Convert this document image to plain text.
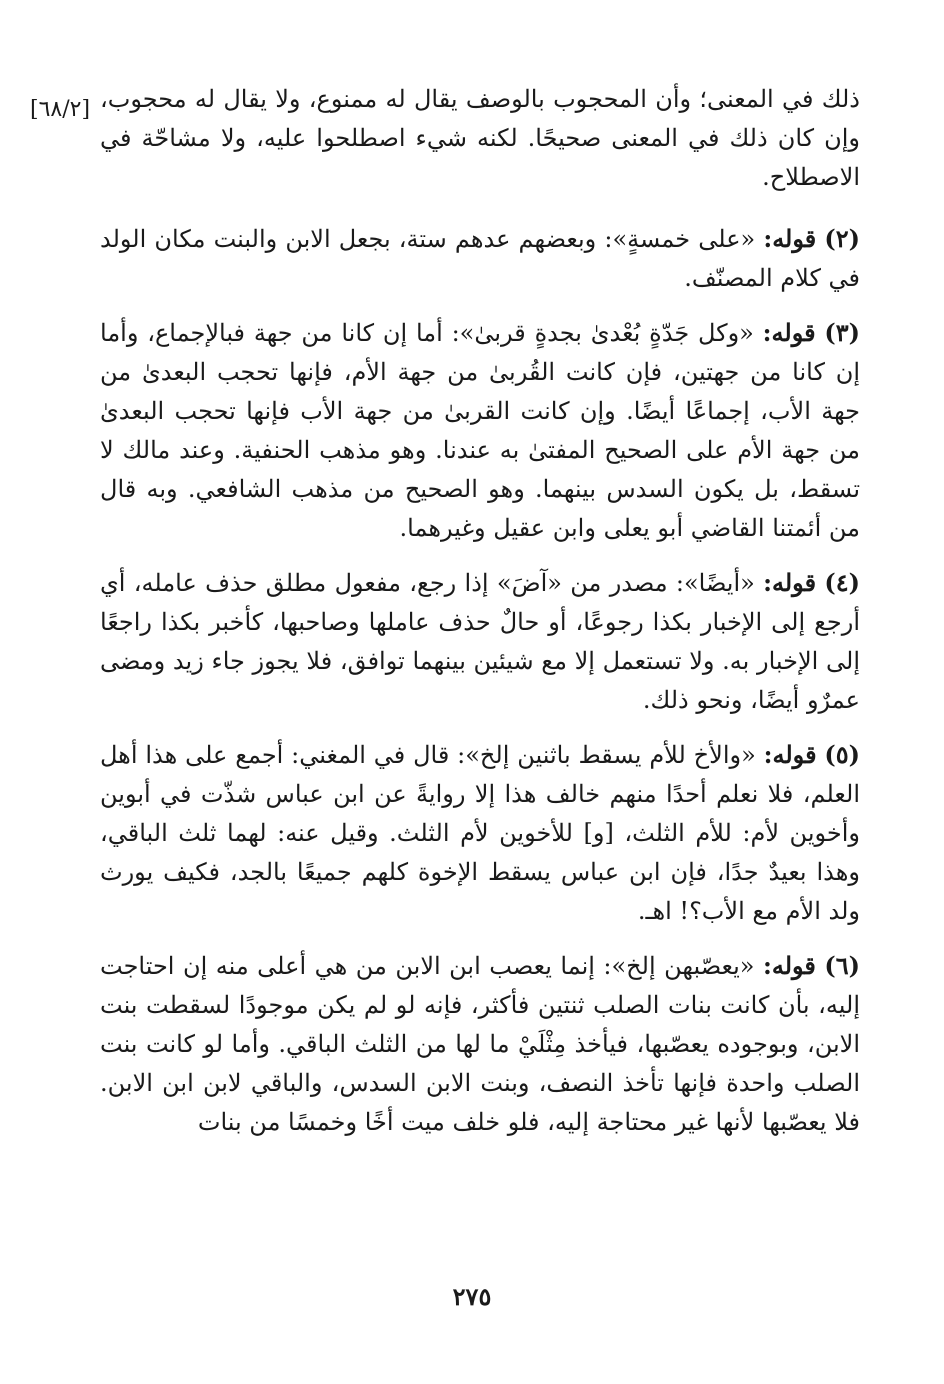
[٦٨/٢] ذلك في المعنى؛ وأن المحجوب بالوصف يقال له ممنوع، ولا يقال له محجوب، وإن كان ذلك في المعنى صحيحًا. لكنه شيء اصطلحوا عليه، ولا مشاحّة في الاصطلاح.

(٢) قوله: «على خمسةٍ»: وبعضهم عدهم ستة، بجعل الابن والبنت مكان الولد في كلام المصنّف.

(٣) قوله: «وكل جَدّةٍ بُعْدىٰ بجدةٍ قربىٰ»: أما إن كانا من جهة فبالإجماع، وأما إن كانا من جهتين، فإن كانت القُربىٰ من جهة الأم، فإنها تحجب البعدىٰ من جهة الأب، إجماعًا أيضًا. وإن كانت القربىٰ من جهة الأب فإنها تحجب البعدىٰ من جهة الأم على الصحيح المفتىٰ به عندنا. وهو مذهب الحنفية. وعند مالك لا تسقط، بل يكون السدس بينهما. وهو الصحيح من مذهب الشافعي. وبه قال من أئمتنا القاضي أبو يعلى وابن عقيل وغيرهما.

(٤) قوله: «أيضًا»: مصدر من «آضَ» إذا رجع، مفعول مطلق حذف عامله، أي أرجع إلى الإخبار بكذا رجوعًا، أو حالٌ حذف عاملها وصاحبها، كأخبر بكذا راجعًا إلى الإخبار به. ولا تستعمل إلا مع شيئين بينهما توافق، فلا يجوز جاء زيد ومضى عمرٌو أيضًا، ونحو ذلك.

(٥) قوله: «والأخ للأم يسقط باثنين إلخ»: قال في المغني: أجمع على هذا أهل العلم، فلا نعلم أحدًا منهم خالف هذا إلا روايةً عن ابن عباس شذّت في أبوين وأخوين لأم: للأم الثلث، [و] للأخوين لأم الثلث. وقيل عنه: لهما ثلث الباقي، وهذا بعيدٌ جدًا، فإن ابن عباس يسقط الإخوة كلهم جميعًا بالجد، فكيف يورث ولد الأم مع الأب؟! اهـ.

(٦) قوله: «يعصّبهن إلخ»: إنما يعصب ابن الابن من هي أعلى منه إن احتاجت إليه، بأن كانت بنات الصلب ثنتين فأكثر، فإنه لو لم يكن موجودًا لسقطت بنت الابن، وبوجوده يعصّبها، فيأخذ مِثْلَيْ ما لها من الثلث الباقي. وأما لو كانت بنت الصلب واحدة فإنها تأخذ النصف، وبنت الابن السدس، والباقي لابن ابن الابن. فلا يعصّبها لأنها غير محتاجة إليه، فلو خلف ميت أخًا وخمسًا من بنات

٢٧٥
